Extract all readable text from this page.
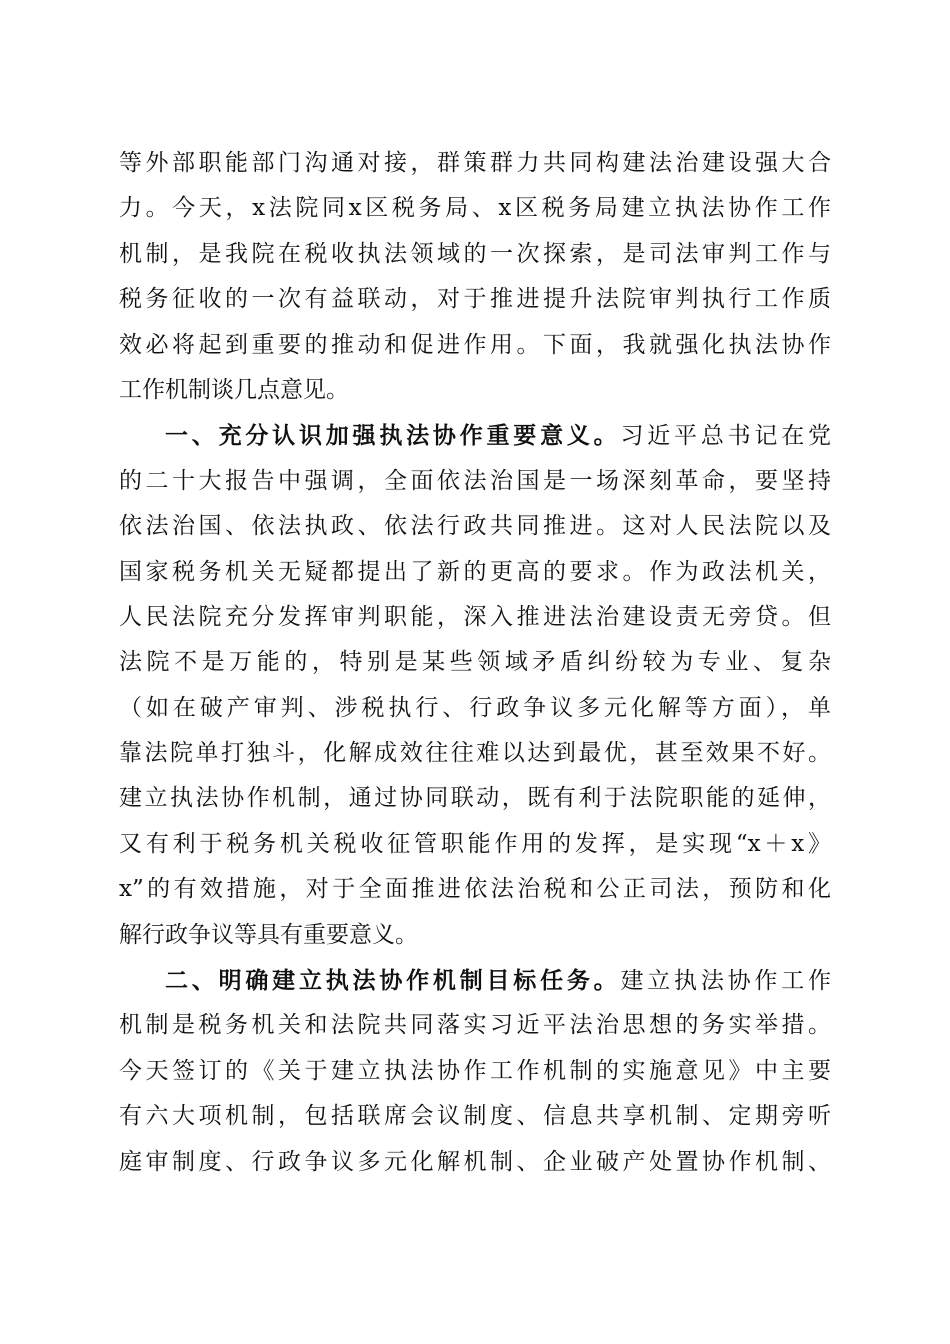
等外部职能部门沟通对接，群策群力共同构建法治建设强大合
力。今天，x法院同x区税务局、x区税务局建立执法协作工作
机制，是我院在税收执法领域的一次探索，是司法审判工作与
税务征收的一次有益联动，对于推进提升法院审判执行工作质
效必将起到重要的推动和促进作用。下面，我就强化执法协作
工作机制谈几点意见。
一、充分认识加强执法协作重要意义。习近平总书记在党
的二十大报告中强调，全面依法治国是一场深刻革命，要坚持
依法治国、依法执政、依法行政共同推进。这对人民法院以及
国家税务机关无疑都提出了新的更高的要求。作为政法机关，
人民法院充分发挥审判职能，深入推进法治建设责无旁贷。但
法院不是万能的，特别是某些领域矛盾纠纷较为专业、复杂
（如在破产审判、涉税执行、行政争议多元化解等方面），单
靠法院单打独斗，化解成效往往难以达到最优，甚至效果不好。
建立执法协作机制，通过协同联动，既有利于法院职能的延伸，
又有利于税务机关税收征管职能作用的发挥，是实现“x＋x》
x”的有效措施，对于全面推进依法治税和公正司法，预防和化
解行政争议等具有重要意义。
二、明确建立执法协作机制目标任务。建立执法协作工作
机制是税务机关和法院共同落实习近平法治思想的务实举措。
今天签订的《关于建立执法协作工作机制的实施意见》中主要
有六大项机制，包括联席会议制度、信息共享机制、定期旁听
庭审制度、行政争议多元化解机制、企业破产处置协作机制、
